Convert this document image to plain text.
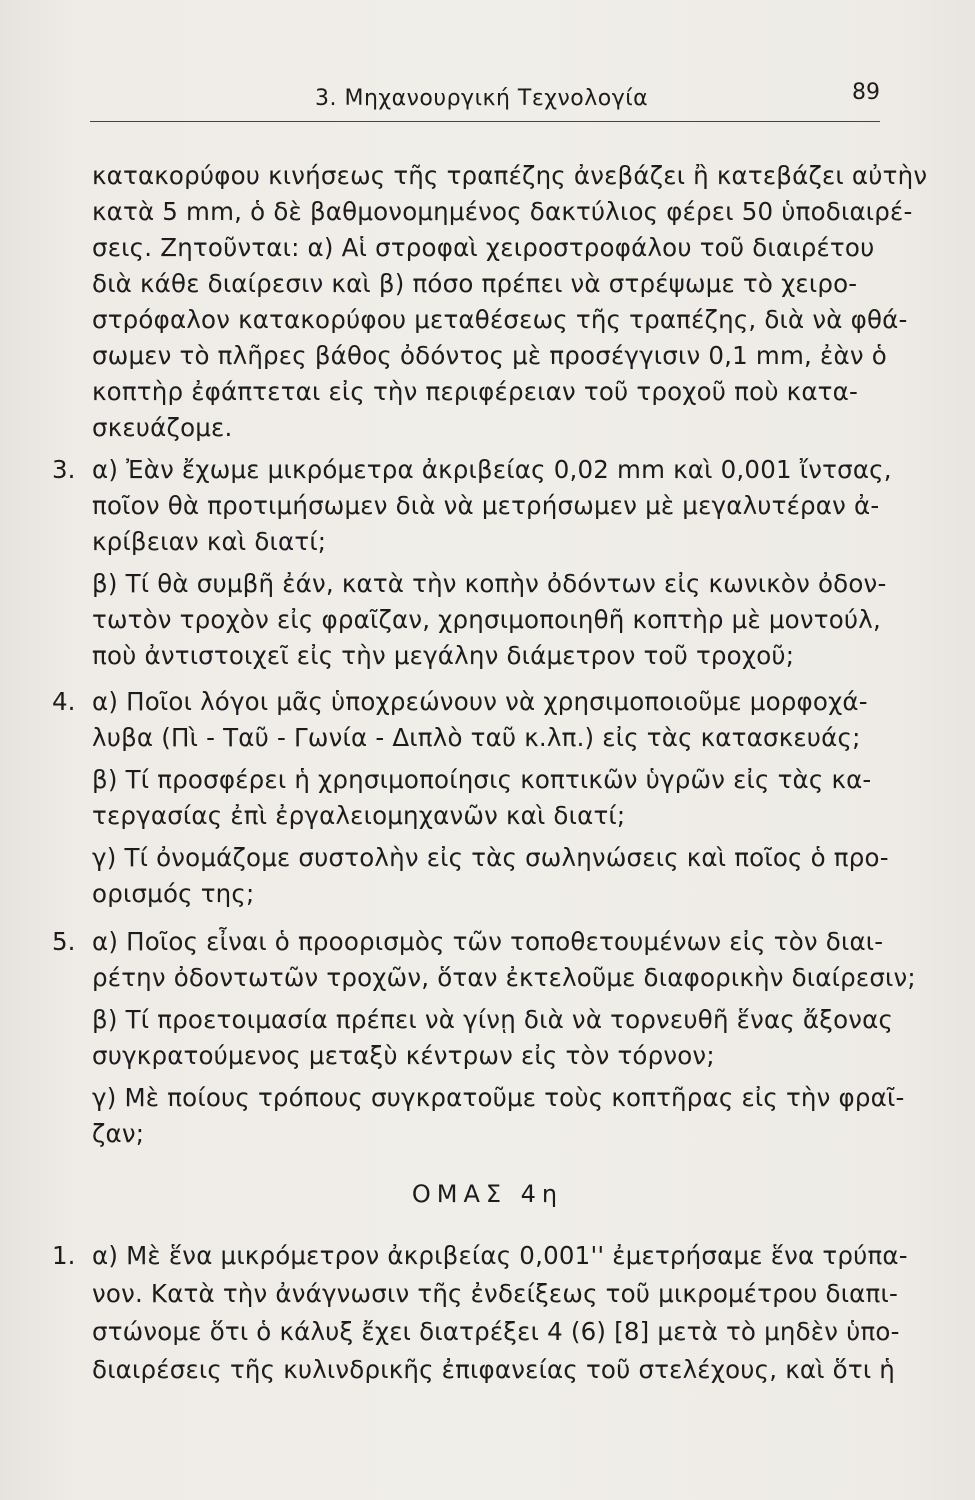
3. Μηχανουργική Τεχνολογία	89
κατακορύφου κινήσεως τῆς τραπέζης ἀνεβάζει ἢ κατεβάζει αὐτὴν
κατὰ 5 mm, ὁ δὲ βαθμονομημένος δακτύλιος φέρει 50 ὑποδιαιρέ-
σεις. Ζητοῦνται: α) Αἱ στροφαὶ χειροστροφάλου τοῦ διαιρέτου
διὰ κάθε διαίρεσιν καὶ β) πόσο πρέπει νὰ στρέψωμε τὸ χειρο-
στρόφαλον κατακορύφου μεταθέσεως τῆς τραπέζης, διὰ νὰ φθά-
σωμεν τὸ πλῆρες βάθος ὀδόντος μὲ προσέγγισιν 0,1 mm, ἐὰν ὁ
κοπτὴρ ἐφάπτεται εἰς τὴν περιφέρειαν τοῦ τροχοῦ ποὺ κατα-
σκευάζομε.
3. α) Ἐὰν ἔχωμε μικρόμετρα ἀκριβείας 0,02 mm καὶ 0,001 ἴντσας,
ποῖον θὰ προτιμήσωμεν διὰ νὰ μετρήσωμεν μὲ μεγαλυτέραν ἀ-
κρίβειαν καὶ διατί;
β) Τί θὰ συμβῆ ἐάν, κατὰ τὴν κοπὴν ὀδόντων εἰς κωνικὸν ὀδον-
τωτὸν τροχὸν εἰς φραῖζαν, χρησιμοποιηθῆ κοπτὴρ μὲ μοντούλ,
ποὺ ἀντιστοιχεῖ εἰς τὴν μεγάλην διάμετρον τοῦ τροχοῦ;
4. α) Ποῖοι λόγοι μᾶς ὑποχρεώνουν νὰ χρησιμοποιοῦμε μορφοχά-
λυβα (Πὶ - Ταῦ - Γωνία - Διπλὸ ταῦ κ.λπ.) εἰς τὰς κατασκευάς;
β) Τί προσφέρει ἡ χρησιμοποίησις κοπτικῶν ὑγρῶν εἰς τὰς κα-
τεργασίας ἐπὶ ἐργαλειομηχανῶν καὶ διατί;
γ) Τί ὀνομάζομε συστολὴν εἰς τὰς σωληνώσεις καὶ ποῖος ὁ προ-
ορισμός της;
5. α) Ποῖος εἶναι ὁ προορισμὸς τῶν τοποθετουμένων εἰς τὸν διαι-
ρέτην ὀδοντωτῶν τροχῶν, ὅταν ἐκτελοῦμε διαφορικὴν διαίρεσιν;
β) Τί προετοιμασία πρέπει νὰ γίνῃ διὰ νὰ τορνευθῆ ἕνας ἄξονας
συγκρατούμενος μεταξὺ κέντρων εἰς τὸν τόρνον;
γ) Μὲ ποίους τρόπους συγκρατοῦμε τοὺς κοπτῆρας εἰς τὴν φραῖ-
ζαν;
ΟΜΑΣ 4η
1. α) Μὲ ἕνα μικρόμετρον ἀκριβείας 0,001'' ἐμετρήσαμε ἕνα τρύπα-
νον. Κατὰ τὴν ἀνάγνωσιν τῆς ἐνδείξεως τοῦ μικρομέτρου διαπι-
στώνομε ὅτι ὁ κάλυξ ἔχει διατρέξει 4 (6) [8] μετὰ τὸ μηδὲν ὑπο-
διαιρέσεις τῆς κυλινδρικῆς ἐπιφανείας τοῦ στελέχους, καὶ ὅτι ἡ
